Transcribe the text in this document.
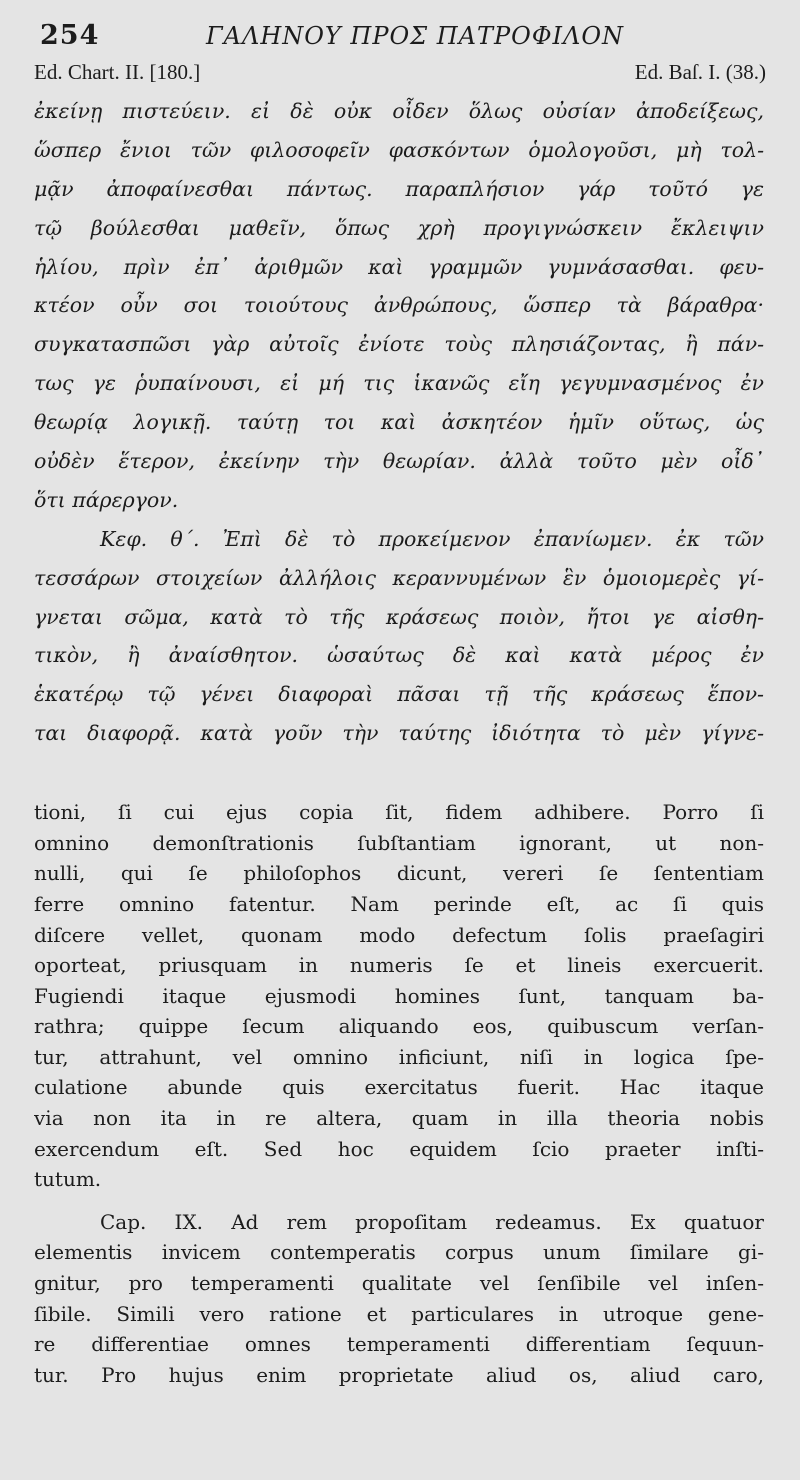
254	ΓΑΛΗΝΟΥ ΠΡΟΣ ΠΑΤΡΟΦΙΛΟΝ
Ed. Chart. II. [180.]	Ed. Baſ. I. (38.)
ἐκείνῃ πιστεύειν. εἰ δὲ οὐκ οἶδεν ὅλως οὐσίαν ἀποδείξεως,
ὥσπερ ἔνιοι τῶν φιλοσοφεῖν φασκόντων ὁμολογοῦσι, μὴ τολ-
μᾷν ἀποφαίνεσθαι πάντως. παραπλήσιον γάρ τοῦτό γε
τῷ βούλεσθαι μαθεῖν, ὅπως χρὴ προγιγνώσκειν ἔκλειψιν
ἡλίου, πρὶν ἐπ᾽ ἀριθμῶν καὶ γραμμῶν γυμνάσασθαι. φευ-
κτέον οὖν σοι τοιούτους ἀνθρώπους, ὥσπερ τὰ βάραθρα·
συγκατασπῶσι γὰρ αὐτοῖς ἐνίοτε τοὺς πλησιάζοντας, ἢ πάν-
τως γε ῥυπαίνουσι, εἰ μή τις ἱκανῶς εἴη γεγυμνασμένος ἐν
θεωρίᾳ λογικῇ. ταύτῃ τοι καὶ ἀσκητέον ἡμῖν οὕτως, ὡς
οὐδὲν ἕτερον, ἐκείνην τὴν θεωρίαν. ἀλλὰ τοῦτο μὲν οἶδ᾽
ὅτι πάρεργον.
Κεφ. θ΄. Ἐπὶ δὲ τὸ προκείμενον ἐπανίωμεν. ἐκ τῶν
τεσσάρων στοιχείων ἀλλήλοις κεραννυμένων ἓν ὁμοιομερὲς γί-
γνεται σῶμα, κατὰ τὸ τῆς κράσεως ποιὸν, ἤτοι γε αἰσθη-
τικὸν, ἢ ἀναίσθητον. ὡσαύτως δὲ καὶ κατὰ μέρος ἐν
ἑκατέρῳ τῷ γένει διαφοραὶ πᾶσαι τῇ τῆς κράσεως ἕπον-
ται διαφορᾷ. κατὰ γοῦν τὴν ταύτης ἰδιότητα τὸ μὲν γίγνε-
tioni, ſi cui ejus copia ſit, fidem adhibere. Porro ſi
omnino demonſtrationis ſubſtantiam ignorant, ut non-
nulli, qui ſe philoſophos dicunt, vereri ſe ſententiam
ferre omnino fatentur. Nam perinde eſt, ac ſi quis
diſcere vellet, quonam modo defectum ſolis praeſagiri
oporteat, priusquam in numeris ſe et lineis exercuerit.
Fugiendi itaque ejusmodi homines ſunt, tanquam ba-
rathra; quippe ſecum aliquando eos, quibuscum verſan-
tur, attrahunt, vel omnino inficiunt, niſi in logica ſpe-
culatione abunde quis exercitatus fuerit. Hac itaque
via non ita in re altera, quam in illa theoria nobis
exercendum eſt. Sed hoc equidem ſcio praeter inſti-
tutum.
Cap. IX. Ad rem propoſitam redeamus. Ex quatuor
elementis invicem contemperatis corpus unum ſimilare gi-
gnitur, pro temperamenti qualitate vel ſenſibile vel inſen-
ſibile. Simili vero ratione et particulares in utroque gene-
re differentiae omnes temperamenti differentiam ſequun-
tur. Pro hujus enim proprietate aliud os, aliud caro,
